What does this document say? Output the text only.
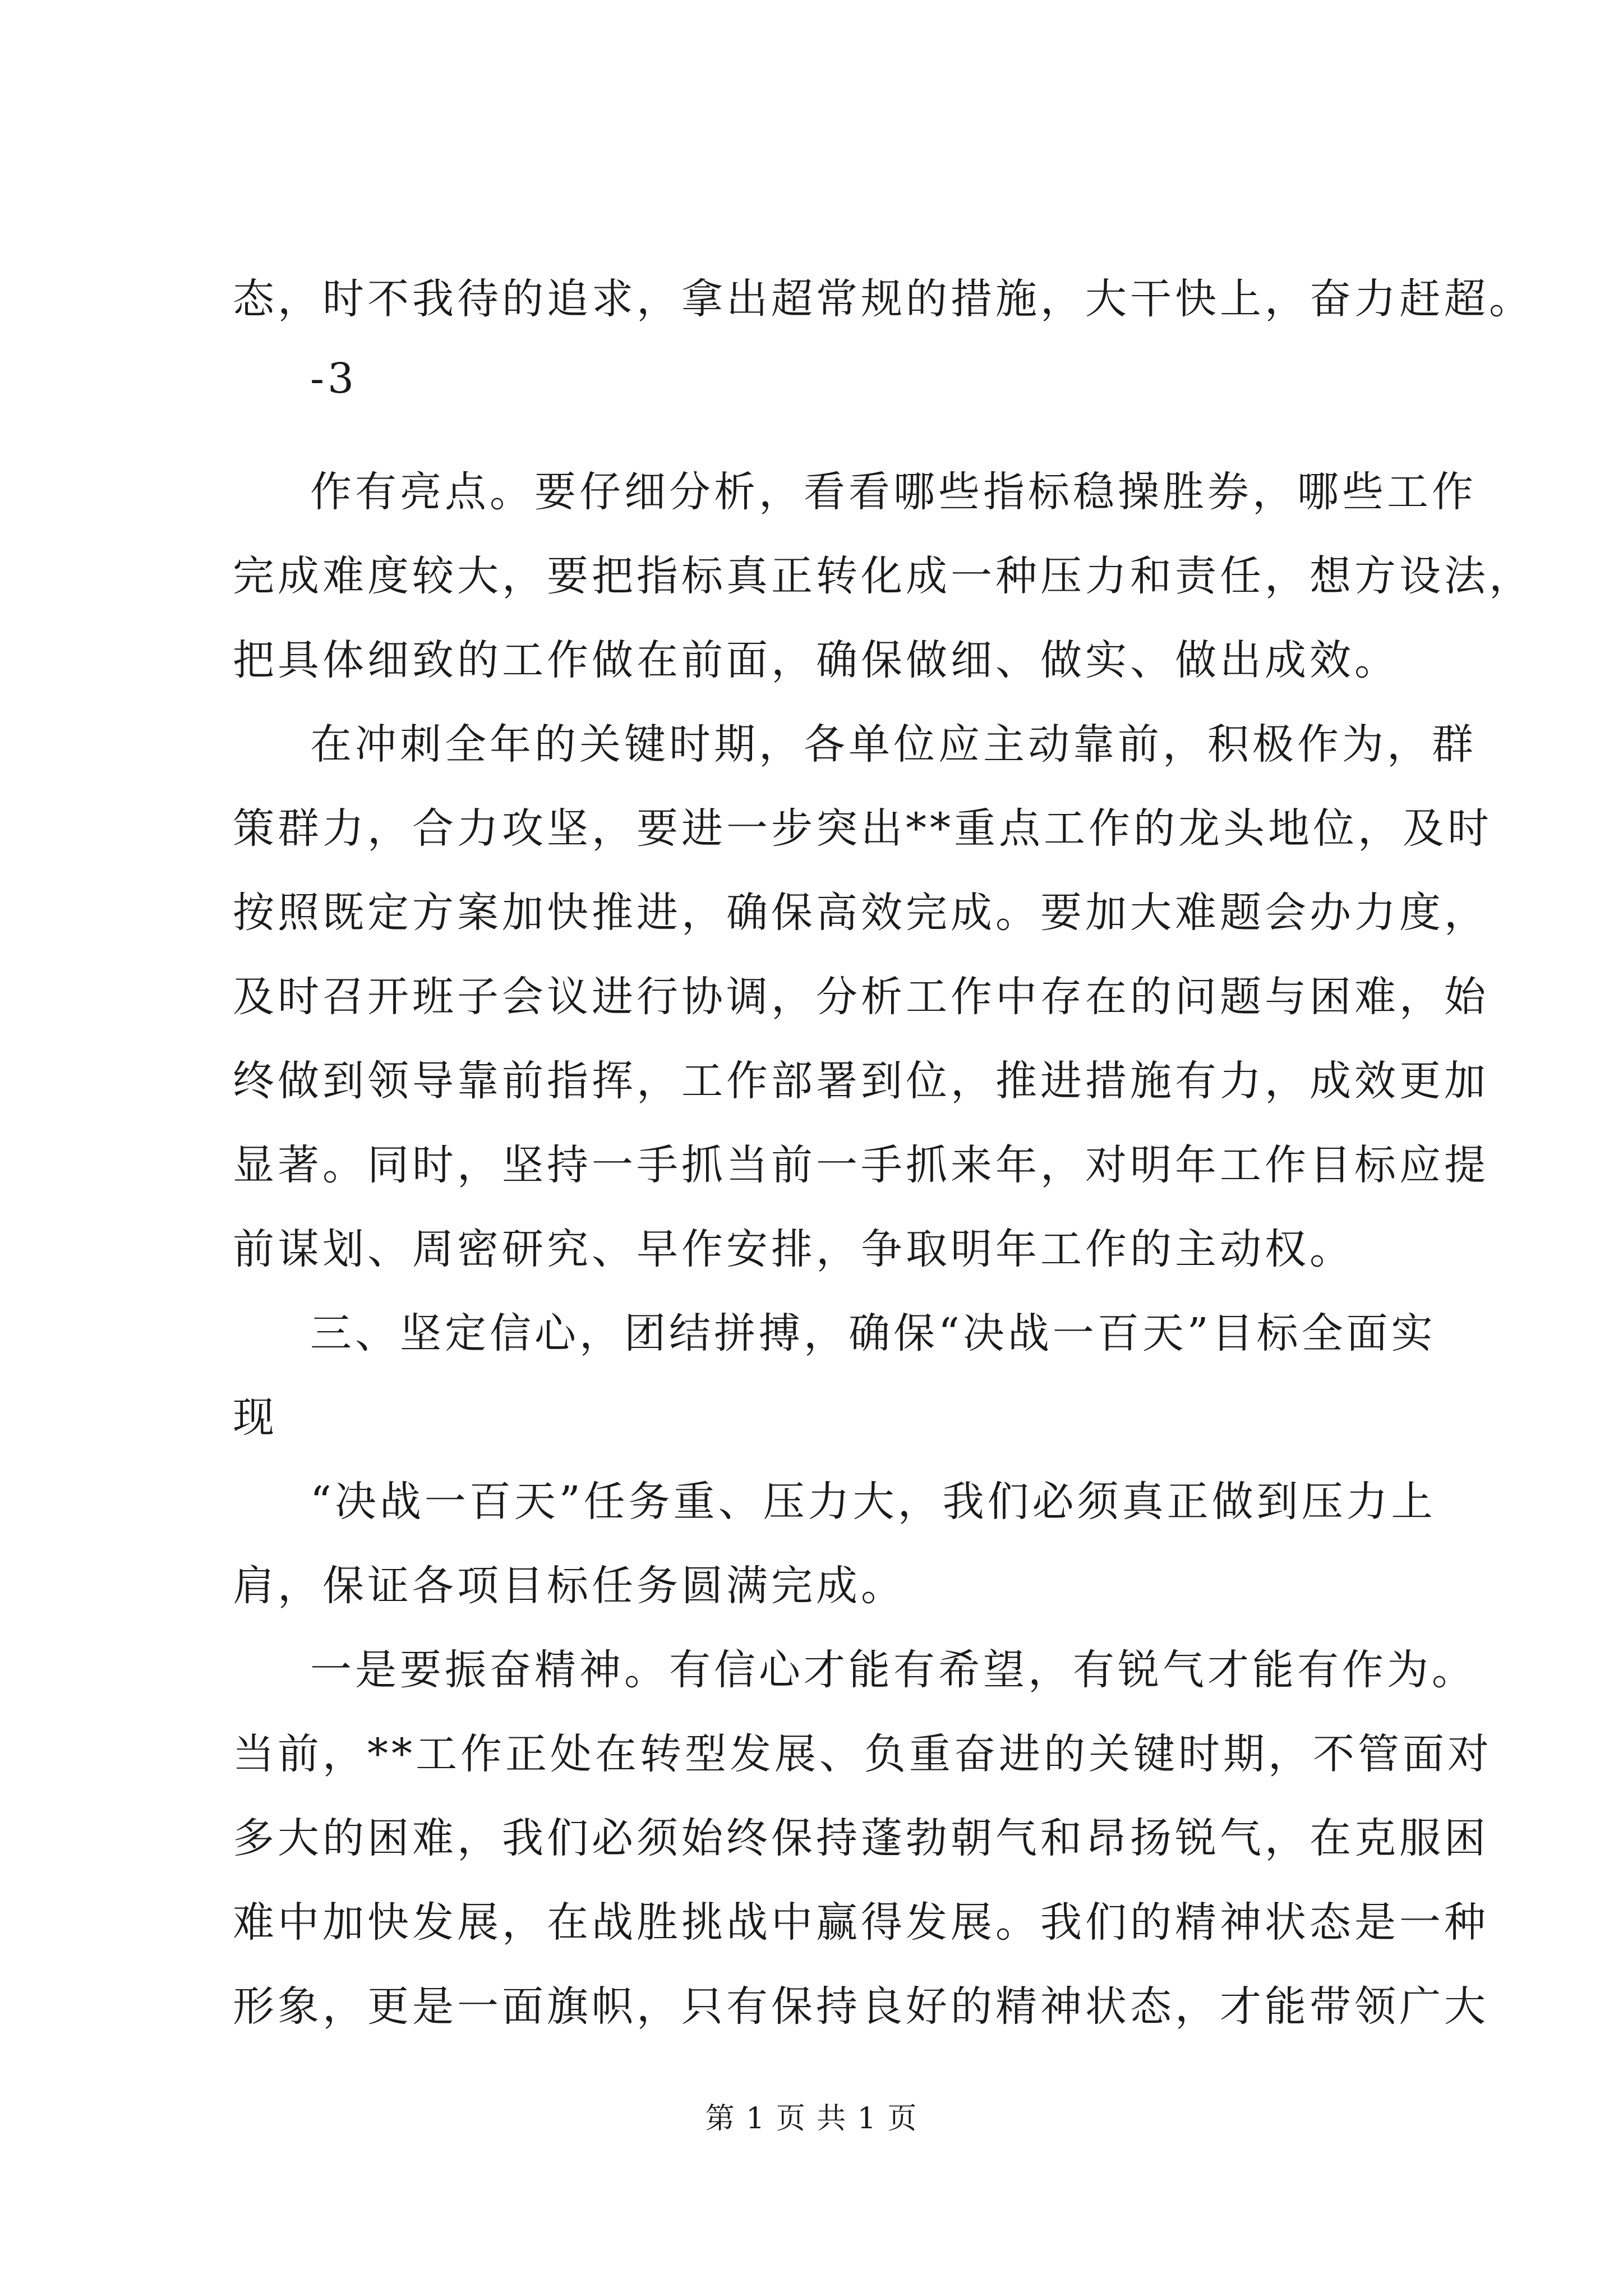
态，时不我待的追求，拿出超常规的措施，大干快上，奋力赶超。
-3
作有亮点。要仔细分析，看看哪些指标稳操胜券，哪些工作
完成难度较大，要把指标真正转化成一种压力和责任，想方设法，
把具体细致的工作做在前面，确保做细、做实、做出成效。
在冲刺全年的关键时期，各单位应主动靠前，积极作为，群
策群力，合力攻坚，要进一步突出**重点工作的龙头地位，及时
按照既定方案加快推进，确保高效完成。要加大难题会办力度，
及时召开班子会议进行协调，分析工作中存在的问题与困难，始
终做到领导靠前指挥，工作部署到位，推进措施有力，成效更加
显著。同时，坚持一手抓当前一手抓来年，对明年工作目标应提
前谋划、周密研究、早作安排，争取明年工作的主动权。
三、坚定信心，团结拼搏，确保“决战一百天”目标全面实
现
“决战一百天”任务重、压力大，我们必须真正做到压力上
肩，保证各项目标任务圆满完成。
一是要振奋精神。有信心才能有希望，有锐气才能有作为。
当前，**工作正处在转型发展、负重奋进的关键时期，不管面对
多大的困难，我们必须始终保持蓬勃朝气和昂扬锐气，在克服困
难中加快发展，在战胜挑战中赢得发展。我们的精神状态是一种
形象，更是一面旗帜，只有保持良好的精神状态，才能带领广大
第 1 页 共 1 页
